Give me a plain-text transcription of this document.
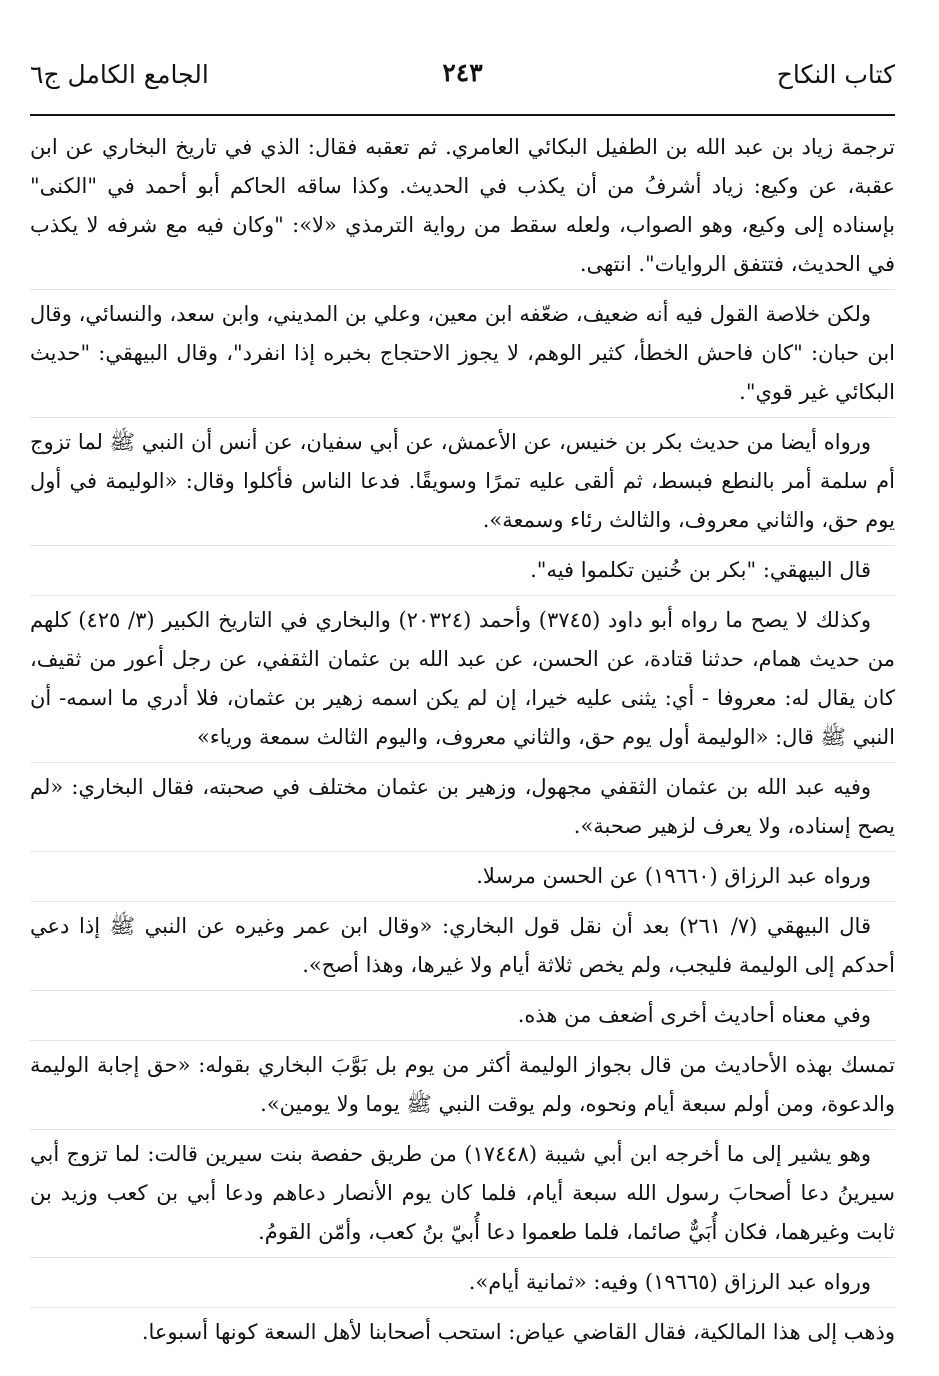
كتاب النكاح
٢٤٣
الجامع الكامل ج٦

ترجمة زياد بن عبد الله بن الطفيل البكائي العامري. ثم تعقبه فقال: الذي في تاريخ البخاري عن ابن عقبة، عن وكيع: زياد أشرفُ من أن يكذب في الحديث. وكذا ساقه الحاكم أبو أحمد في "الكنى" بإسناده إلى وكيع، وهو الصواب، ولعله سقط من رواية الترمذي «لا»: "وكان فيه مع شرفه لا يكذب في الحديث، فتتفق الروايات". انتهى.

ولكن خلاصة القول فيه أنه ضعيف، ضعّفه ابن معين، وعلي بن المديني، وابن سعد، والنسائي، وقال ابن حبان: "كان فاحش الخطأ، كثير الوهم، لا يجوز الاحتجاج بخبره إذا انفرد"، وقال البيهقي: "حديث البكائي غير قوي".

ورواه أيضا من حديث بكر بن خنيس، عن الأعمش، عن أبي سفيان، عن أنس أن النبي ﷺ لما تزوج أم سلمة أمر بالنطع فبسط، ثم ألقى عليه تمرًا وسويقًا. فدعا الناس فأكلوا وقال: «الوليمة في أول يوم حق، والثاني معروف، والثالث رئاء وسمعة».

قال البيهقي: "بكر بن خُنين تكلموا فيه".

وكذلك لا يصح ما رواه أبو داود (٣٧٤٥) وأحمد (٢٠٣٢٤) والبخاري في التاريخ الكبير (٣/ ٤٢٥) كلهم من حديث همام، حدثنا قتادة، عن الحسن، عن عبد الله بن عثمان الثقفي، عن رجل أعور من ثقيف، كان يقال له: معروفا - أي: يثنى عليه خيرا، إن لم يكن اسمه زهير بن عثمان، فلا أدري ما اسمه- أن النبي ﷺ قال: «الوليمة أول يوم حق، والثاني معروف، واليوم الثالث سمعة ورياء»

وفيه عبد الله بن عثمان الثقفي مجهول، وزهير بن عثمان مختلف في صحبته، فقال البخاري: «لم يصح إسناده، ولا يعرف لزهير صحبة».

ورواه عبد الرزاق (١٩٦٦٠) عن الحسن مرسلا.

قال البيهقي (٧/ ٢٦١) بعد أن نقل قول البخاري: «وقال ابن عمر وغيره عن النبي ﷺ إذا دعي أحدكم إلى الوليمة فليجب، ولم يخص ثلاثة أيام ولا غيرها، وهذا أصح».

وفي معناه أحاديث أخرى أضعف من هذه.

تمسك بهذه الأحاديث من قال بجواز الوليمة أكثر من يوم بل بَوَّبَ البخاري بقوله: «حق إجابة الوليمة والدعوة، ومن أولم سبعة أيام ونحوه، ولم يوقت النبي ﷺ يوما ولا يومين».

وهو يشير إلى ما أخرجه ابن أبي شيبة (١٧٤٤٨) من طريق حفصة بنت سيرين قالت: لما تزوج أبي سيرينُ دعا أصحابَ رسول الله سبعة أيام، فلما كان يوم الأنصار دعاهم ودعا أبي بن كعب وزيد بن ثابت وغيرهما، فكان أُبَيٌّ صائما، فلما طعموا دعا أُبيّ بنُ كعب، وأمّن القومُ.

ورواه عبد الرزاق (١٩٦٦٥) وفيه: «ثمانية أيام».

وذهب إلى هذا المالكية، فقال القاضي عياض: استحب أصحابنا لأهل السعة كونها أسبوعا.
